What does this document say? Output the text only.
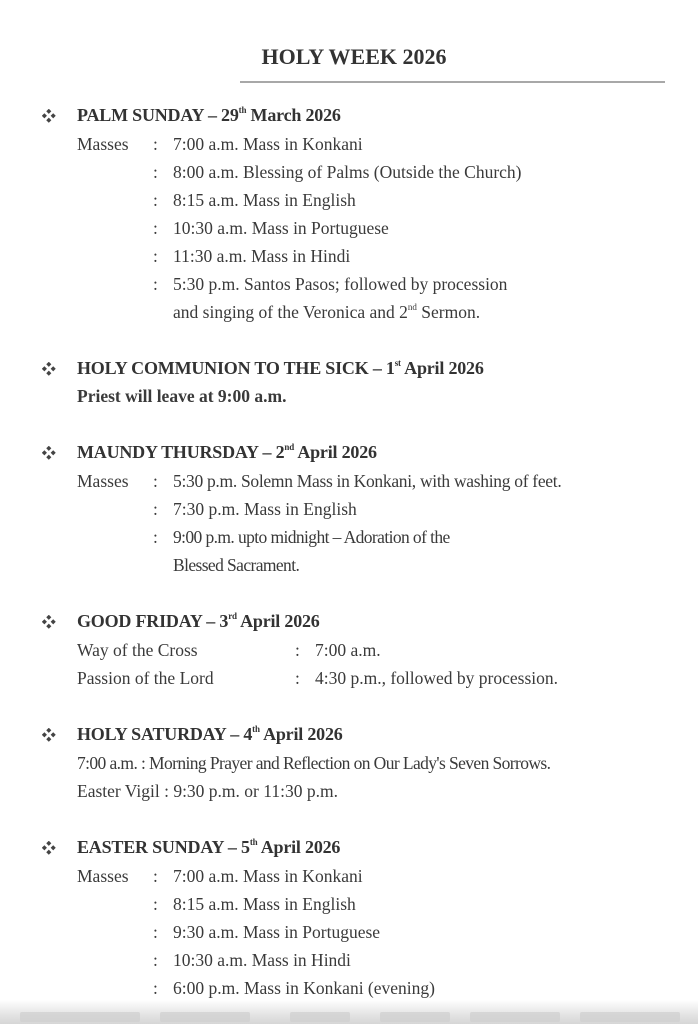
HOLY WEEK 2026
PALM SUNDAY – 29th March 2026
Masses : 7:00 a.m. Mass in Konkani
: 8:00 a.m. Blessing of Palms (Outside the Church)
: 8:15 a.m. Mass in English
: 10:30 a.m. Mass in Portuguese
: 11:30 a.m. Mass in Hindi
: 5:30 p.m. Santos Pasos; followed by procession
and singing of the Veronica and 2nd Sermon.
HOLY COMMUNION TO THE SICK – 1st April 2026
Priest will leave at 9:00 a.m.
MAUNDY THURSDAY – 2nd April 2026
Masses : 5:30 p.m. Solemn Mass in Konkani, with washing of feet.
: 7:30 p.m. Mass in English
: 9:00 p.m. upto midnight – Adoration of the
Blessed Sacrament.
GOOD FRIDAY – 3rd April 2026
Way of the Cross	: 7:00 a.m.
Passion of the Lord	: 4:30 p.m., followed by procession.
HOLY SATURDAY – 4th April 2026
7:00 a.m. : Morning Prayer and Reflection on Our Lady's Seven Sorrows.
Easter Vigil : 9:30 p.m. or 11:30 p.m.
EASTER SUNDAY – 5th April 2026
Masses : 7:00 a.m. Mass in Konkani
: 8:15 a.m. Mass in English
: 9:30 a.m. Mass in Portuguese
: 10:30 a.m. Mass in Hindi
: 6:00 p.m. Mass in Konkani (evening)
